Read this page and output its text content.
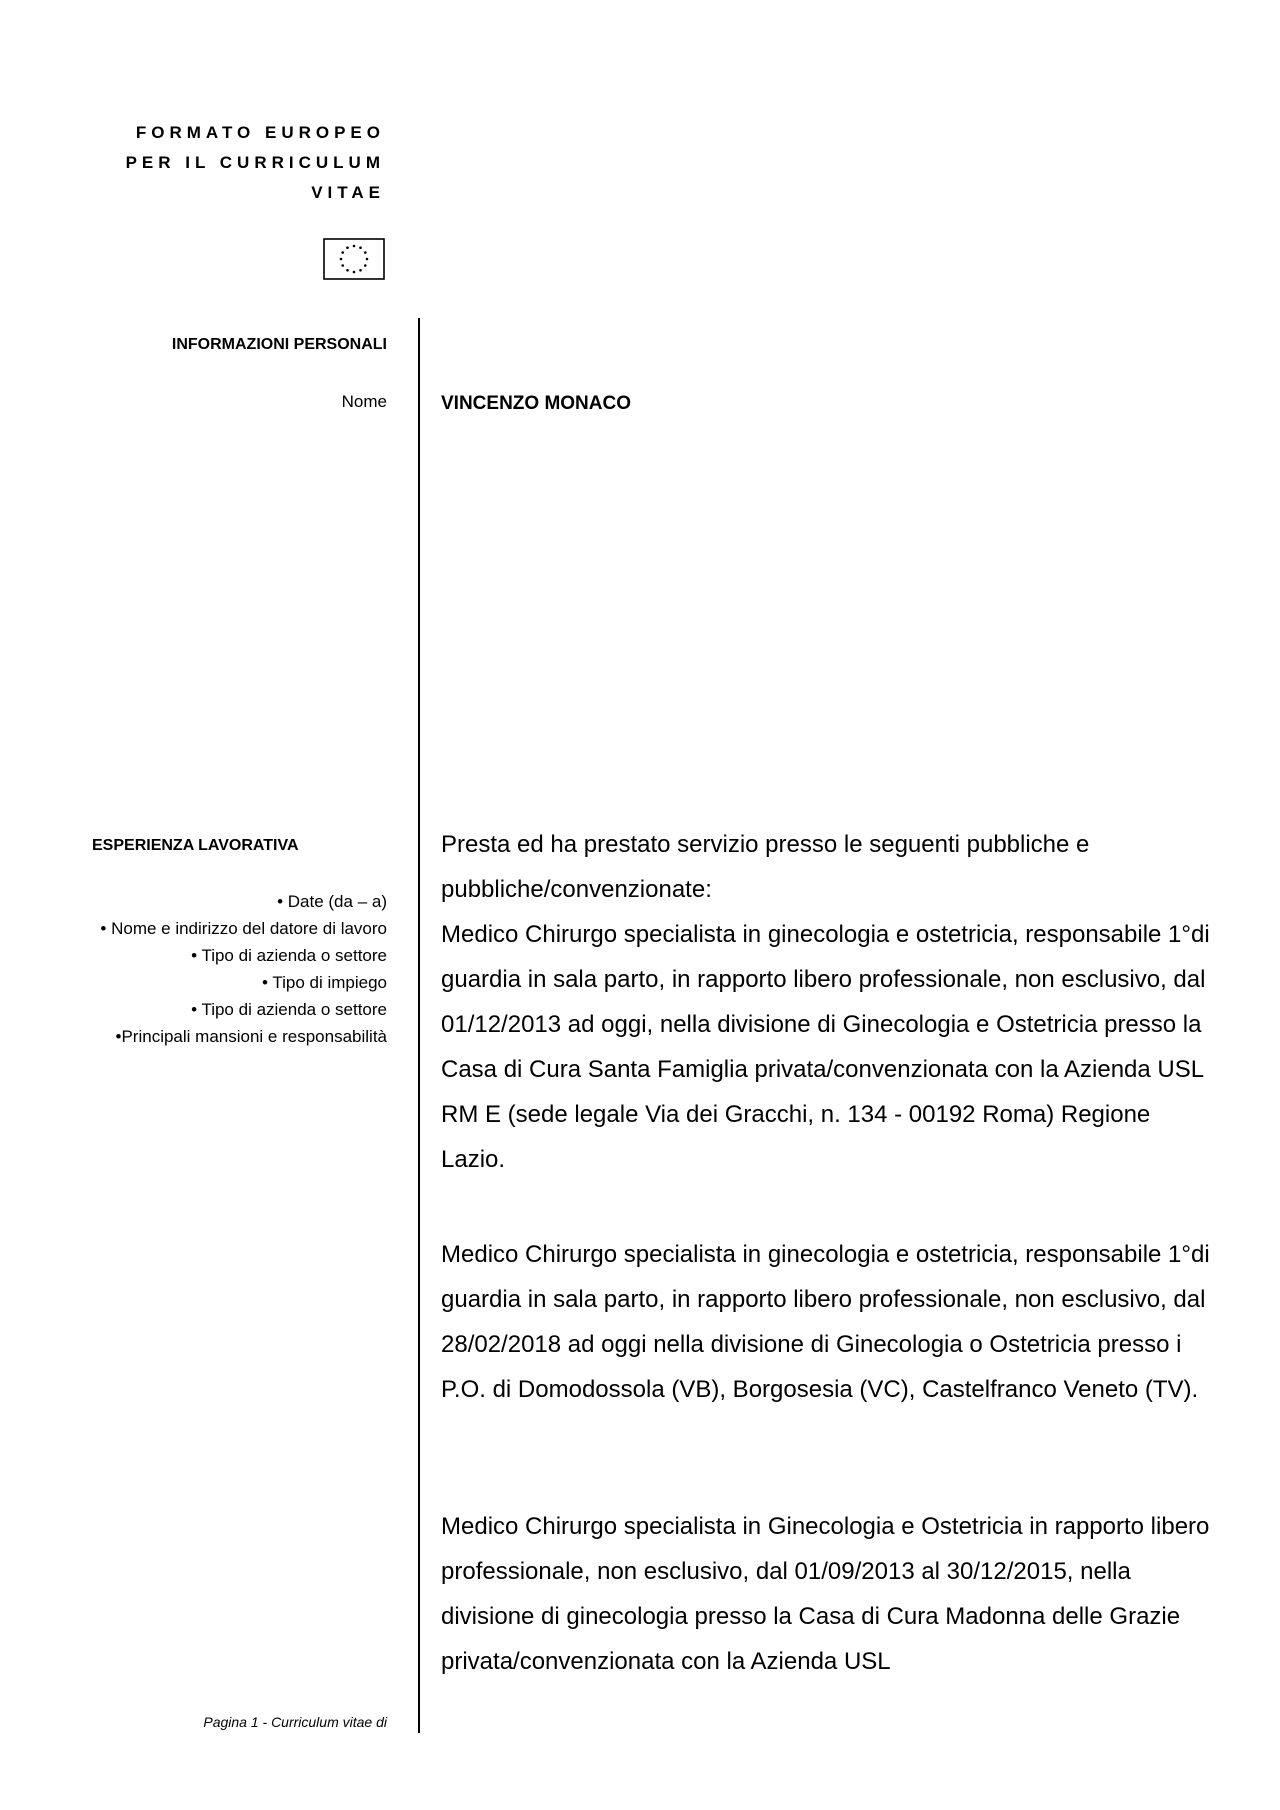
FORMATO EUROPEO
PER IL CURRICULUM
VITAE
INFORMAZIONI PERSONALI

Nome	VINCENZO MONACO

ESPERIENZA LAVORATIVA
• Date (da – a)
• Nome e indirizzo del datore di lavoro
• Tipo di azienda o settore
• Tipo di impiego
• Tipo di azienda o settore
•Principali mansioni e responsabilità

Presta ed ha prestato servizio presso le seguenti pubbliche e pubbliche/convenzionate:

Medico Chirurgo specialista in ginecologia e ostetricia, responsabile 1°di guardia in sala parto, in rapporto libero professionale, non esclusivo, dal 01/12/2013 ad oggi, nella divisione di Ginecologia e Ostetricia presso la Casa di Cura Santa Famiglia privata/convenzionata con la Azienda USL RM E (sede legale Via dei Gracchi, n. 134 - 00192 Roma) Regione Lazio.

Medico Chirurgo specialista in ginecologia e ostetricia, responsabile 1°di guardia in sala parto, in rapporto libero professionale, non esclusivo, dal 28/02/2018 ad oggi nella divisione di Ginecologia o Ostetricia presso i P.O. di Domodossola (VB), Borgosesia (VC), Castelfranco Veneto (TV).

Medico Chirurgo specialista in Ginecologia e Ostetricia in rapporto libero professionale, non esclusivo, dal 01/09/2013 al 30/12/2015, nella divisione di ginecologia presso la Casa di Cura Madonna delle Grazie privata/convenzionata con la Azienda USL

Pagina 1 - Curriculum vitae di
